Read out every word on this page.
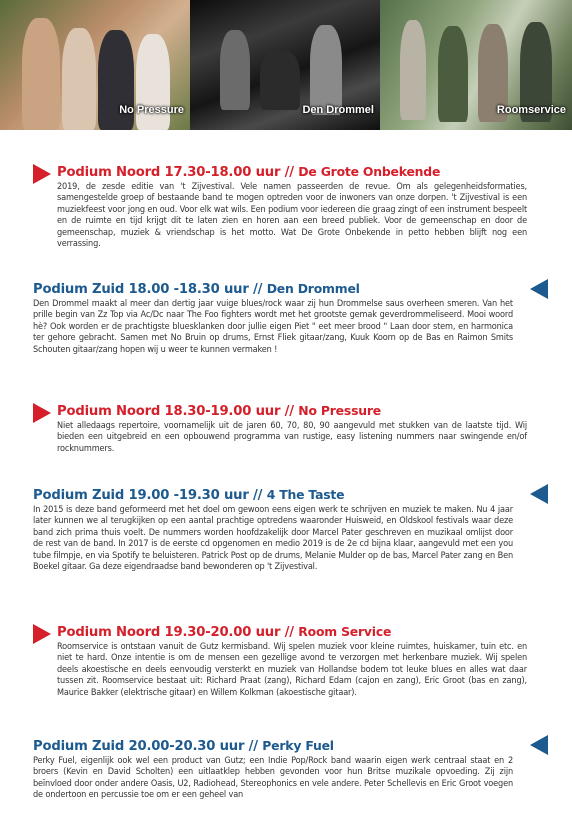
No Pressure	Den Drommel	Roomservice
Podium Noord 17.30-18.00 uur // De Grote Onbekende
2019, de zesde editie van 't Zijvestival. Vele namen passeerden de revue. Om als gelegenheidsformaties, samengestelde groep of bestaande band te mogen optreden voor de inwoners van onze dorpen. 't Zijvestival is een muziekfeest voor jong en oud. Voor elk wat wils. Een podium voor iedereen die graag zingt of een instrument bespeelt en de ruimte en tijd krijgt dit te laten zien en horen aan een breed publiek. Voor de gemeenschap en door de gemeenschap, muziek & vriendschap is het motto. Wat De Grote Onbekende in petto hebben blijft nog een verrassing.
Podium Zuid 18.00 -18.30 uur // Den Drommel
Den Drommel maakt al meer dan dertig jaar vuige blues/rock waar zij hun Drommelse saus overheen smeren. Van het prille begin van Zz Top via Ac/Dc naar The Foo fighters wordt met het grootste gemak geverdrommeliseerd. Mooi woord hè? Ook worden er de prachtigste bluesklanken door jullie eigen Piet " eet meer brood " Laan door stem, en harmonica ter gehore gebracht. Samen met No Bruin op drums, Ernst Fliek gitaar/zang, Kuuk Koorn op de Bas en Raimon Smits Schouten gitaar/zang hopen wij u weer te kunnen vermaken !
Podium Noord 18.30-19.00 uur // No Pressure
Niet alledaags repertoire, voornamelijk uit de jaren 60, 70, 80, 90 aangevuld met stukken van de laatste tijd. Wij bieden een uitgebreid en een opbouwend programma van rustige, easy listening nummers naar swingende en/of rocknummers.
Podium Zuid 19.00 -19.30 uur // 4 The Taste
In 2015 is deze band geformeerd met het doel om gewoon eens eigen werk te schrijven en muziek te maken. Nu 4 jaar later kunnen we al terugkijken op een aantal prachtige optredens waaronder Huisweid, en Oldskool festivals waar deze band zich prima thuis voelt. De nummers worden hoofdzakelijk door Marcel Pater geschreven en muzikaal omlijst door de rest van de band. In 2017 is de eerste cd opgenomen en medio 2019 is de 2e cd bijna klaar, aangevuld met een you tube filmpje, en via Spotify te beluisteren. Patrick Post op de drums, Melanie Mulder op de bas, Marcel Pater zang en Ben Boekel gitaar. Ga deze eigendraadse band bewonderen op 't Zijvestival.
Podium Noord 19.30-20.00 uur // Room Service
Roomservice is ontstaan vanuit de Gutz kermisband. Wij spelen muziek voor kleine ruimtes, huiskamer, tuin etc. en niet te hard. Onze intentie is om de mensen een gezellige avond te verzorgen met herkenbare muziek. Wij spelen deels akoestische en deels eenvoudig versterkt en muziek van Hollandse bodem tot leuke blues en alles wat daar tussen zit. Roomservice bestaat uit: Richard Praat (zang), Richard Edam (cajon en zang), Eric Groot (bas en zang), Maurice Bakker (elektrische gitaar) en Willem Kolkman (akoestische gitaar).
Podium Zuid 20.00-20.30 uur // Perky Fuel
Perky Fuel, eigenlijk ook wel een product van Gutz; een Indie Pop/Rock band waarin eigen werk centraal staat en 2 broers (Kevin en David Scholten) een uitlaatklep hebben gevonden voor hun Britse muzikale opvoeding. Zij zijn beïnvloed door onder andere Oasis, U2, Radiohead, Stereophonics en vele andere. Peter Schellevis en Eric Groot voegen de ondertoon en percussie toe om er een geheel van
